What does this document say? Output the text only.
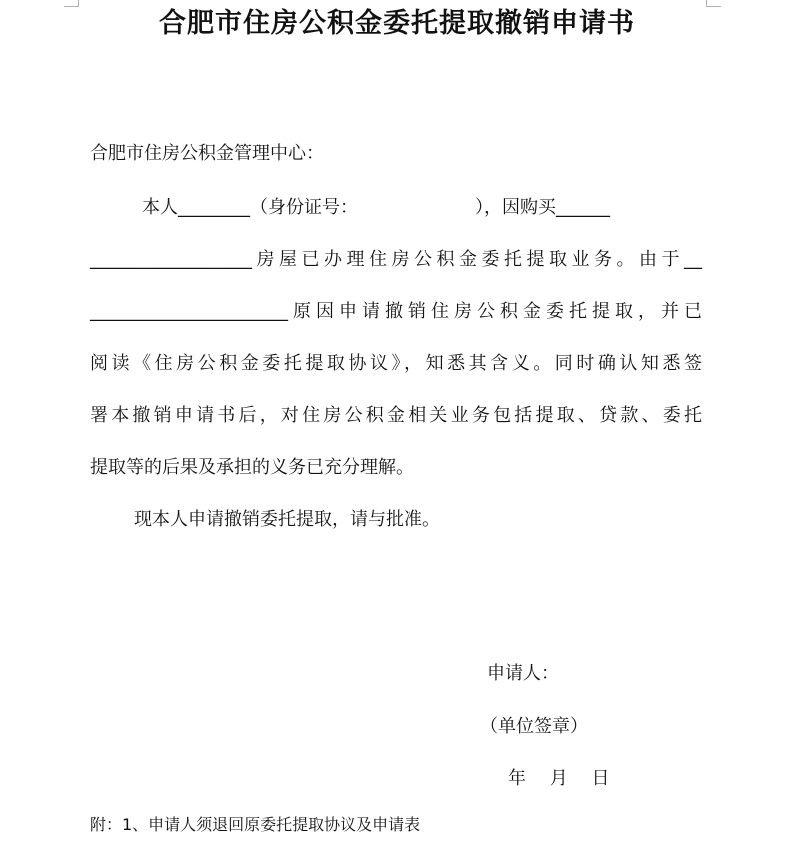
合肥市住房公积金委托提取撤销申请书
合肥市住房公积金管理中心：
本人________（身份证号：　　　　　　　），因购买______
__________________房屋已办理住房公积金委托提取业务。由于__
______________________原因申请撤销住房公积金委托提取，并已
阅读《住房公积金委托提取协议》，知悉其含义。同时确认知悉签
署本撤销申请书后，对住房公积金相关业务包括提取、贷款、委托
提取等的后果及承担的义务已充分理解。
现本人申请撤销委托提取，请与批准。
申请人：
（单位签章）
年　 月　 日
附：1、申请人须退回原委托提取协议及申请表
